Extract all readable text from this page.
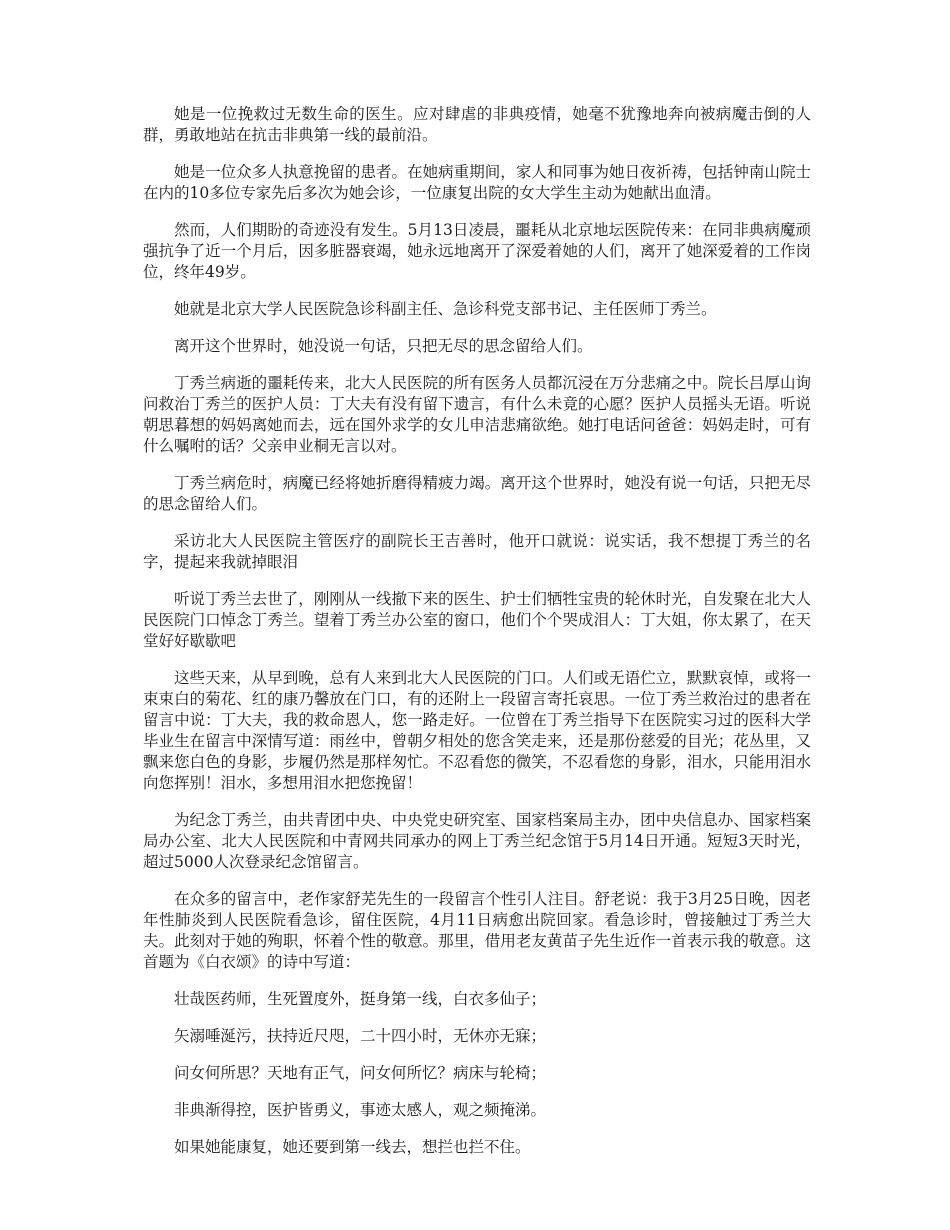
她是一位挽救过无数生命的医生。应对肆虐的非典疫情，她毫不犹豫地奔向被病魔击倒的人群，勇敢地站在抗击非典第一线的最前沿。

她是一位众多人执意挽留的患者。在她病重期间，家人和同事为她日夜祈祷，包括钟南山院士在内的10多位专家先后多次为她会诊，一位康复出院的女大学生主动为她献出血清。

然而，人们期盼的奇迹没有发生。5月13日凌晨，噩耗从北京地坛医院传来：在同非典病魔顽强抗争了近一个月后，因多脏器衰竭，她永远地离开了深爱着她的人们，离开了她深爱着的工作岗位，终年49岁。

她就是北京大学人民医院急诊科副主任、急诊科党支部书记、主任医师丁秀兰。

离开这个世界时，她没说一句话，只把无尽的思念留给人们。

丁秀兰病逝的噩耗传来，北大人民医院的所有医务人员都沉浸在万分悲痛之中。院长吕厚山询问救治丁秀兰的医护人员：丁大夫有没有留下遗言，有什么未竟的心愿？医护人员摇头无语。听说朝思暮想的妈妈离她而去，远在国外求学的女儿申洁悲痛欲绝。她打电话问爸爸：妈妈走时，可有什么嘱咐的话？父亲申业桐无言以对。

丁秀兰病危时，病魔已经将她折磨得精疲力竭。离开这个世界时，她没有说一句话，只把无尽的思念留给人们。

采访北大人民医院主管医疗的副院长王吉善时，他开口就说：说实话，我不想提丁秀兰的名字，提起来我就掉眼泪

听说丁秀兰去世了，刚刚从一线撤下来的医生、护士们牺牲宝贵的轮休时光，自发聚在北大人民医院门口悼念丁秀兰。望着丁秀兰办公室的窗口，他们个个哭成泪人：丁大姐，你太累了，在天堂好好歇歇吧

这些天来，从早到晚，总有人来到北大人民医院的门口。人们或无语伫立，默默哀悼，或将一束束白的菊花、红的康乃馨放在门口，有的还附上一段留言寄托哀思。一位丁秀兰救治过的患者在留言中说：丁大夫，我的救命恩人，您一路走好。一位曾在丁秀兰指导下在医院实习过的医科大学毕业生在留言中深情写道：雨丝中，曾朝夕相处的您含笑走来，还是那份慈爱的目光；花丛里，又飘来您白色的身影，步履仍然是那样匆忙。不忍看您的微笑，不忍看您的身影，泪水，只能用泪水向您挥别！泪水，多想用泪水把您挽留！

为纪念丁秀兰，由共青团中央、中央党史研究室、国家档案局主办，团中央信息办、国家档案局办公室、北大人民医院和中青网共同承办的网上丁秀兰纪念馆于5月14日开通。短短3天时光，超过5000人次登录纪念馆留言。

在众多的留言中，老作家舒芜先生的一段留言个性引人注目。舒老说：我于3月25日晚，因老年性肺炎到人民医院看急诊，留住医院，4月11日病愈出院回家。看急诊时，曾接触过丁秀兰大夫。此刻对于她的殉职，怀着个性的敬意。那里，借用老友黄苗子先生近作一首表示我的敬意。这首题为《白衣颂》的诗中写道：

壮哉医药师，生死置度外，挺身第一线，白衣多仙子；

矢溺唾涎污，扶持近尺咫，二十四小时，无休亦无寐；

问女何所思？天地有正气，问女何所忆？病床与轮椅；

非典渐得控，医护皆勇义，事迹太感人，观之频掩涕。

如果她能康复，她还要到第一线去，想拦也拦不住。
